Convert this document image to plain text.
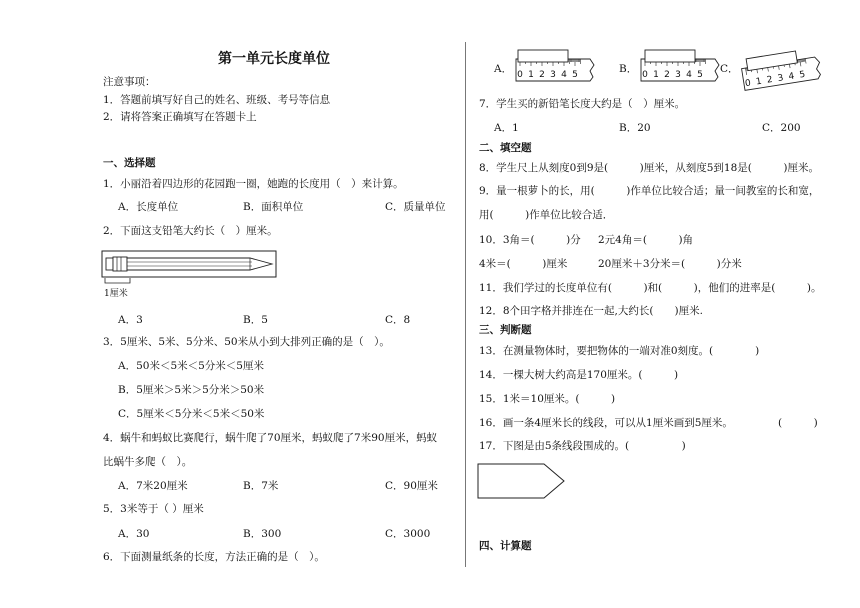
第一单元长度单位
注意事项：
1．答题前填写好自己的姓名、班级、考号等信息
2．请将答案正确填写在答题卡上
一、选择题
1．小丽沿着四边形的花园跑一圈，她跑的长度用（　）来计算。
A．长度单位	B．面积单位	C．质量单位
2．下面这支铅笔大约长（　）厘米。
1厘米
A．3	B．5	C．8
3．5厘米、5米、5分米、50米从小到大排列正确的是（　）。
A．50米＜5米＜5分米＜5厘米
B．5厘米＞5米＞5分米＞50米
C．5厘米＜5分米＜5米＜50米
4．蜗牛和蚂蚁比赛爬行，蜗牛爬了70厘米，蚂蚁爬了7米90厘米，蚂蚁
比蜗牛多爬（　）。
A．7米20厘米	B．7米	C．90厘米
5．3米等于（ ）厘米
A．30	B．300	C．3000
6．下面测量纸条的长度，方法正确的是（　）。
A． 0 1 2 3 4 5	B． 0 1 2 3 4 5 C．
0 1 2 3 4 5
7．学生买的新铅笔长度大约是（　）厘米。
A．1	B．20	C．200
二、填空题
8．学生尺上从刻度0到9是(　　　)厘米，从刻度5到18是(　　　)厘米。
9．量一根萝卜的长，用(　　　)作单位比较合适；量一间教室的长和宽，
用(　　　)作单位比较合适．
10．3角＝(　　　)分 2元4角＝(　　　)角
4米＝(　　　)厘米	20厘米＋3分米＝(　　　)分米
11．我们学过的长度单位有(　　　)和(　　　)，他们的进率是(　　　)。
12．8个田字格并排连在一起,大约长(　　)厘米.
三、判断题
13．在测量物体时，要把物体的一端对准0刻度。(　　　　)
14．一棵大树大约高是170厘米。(　　　)
15．1米＝10厘米。(　　　)
16．画一条4厘米长的线段，可以从1厘米画到5厘米。	(　　　)
17．下图是由5条线段围成的。(　　　　　)
四、计算题
